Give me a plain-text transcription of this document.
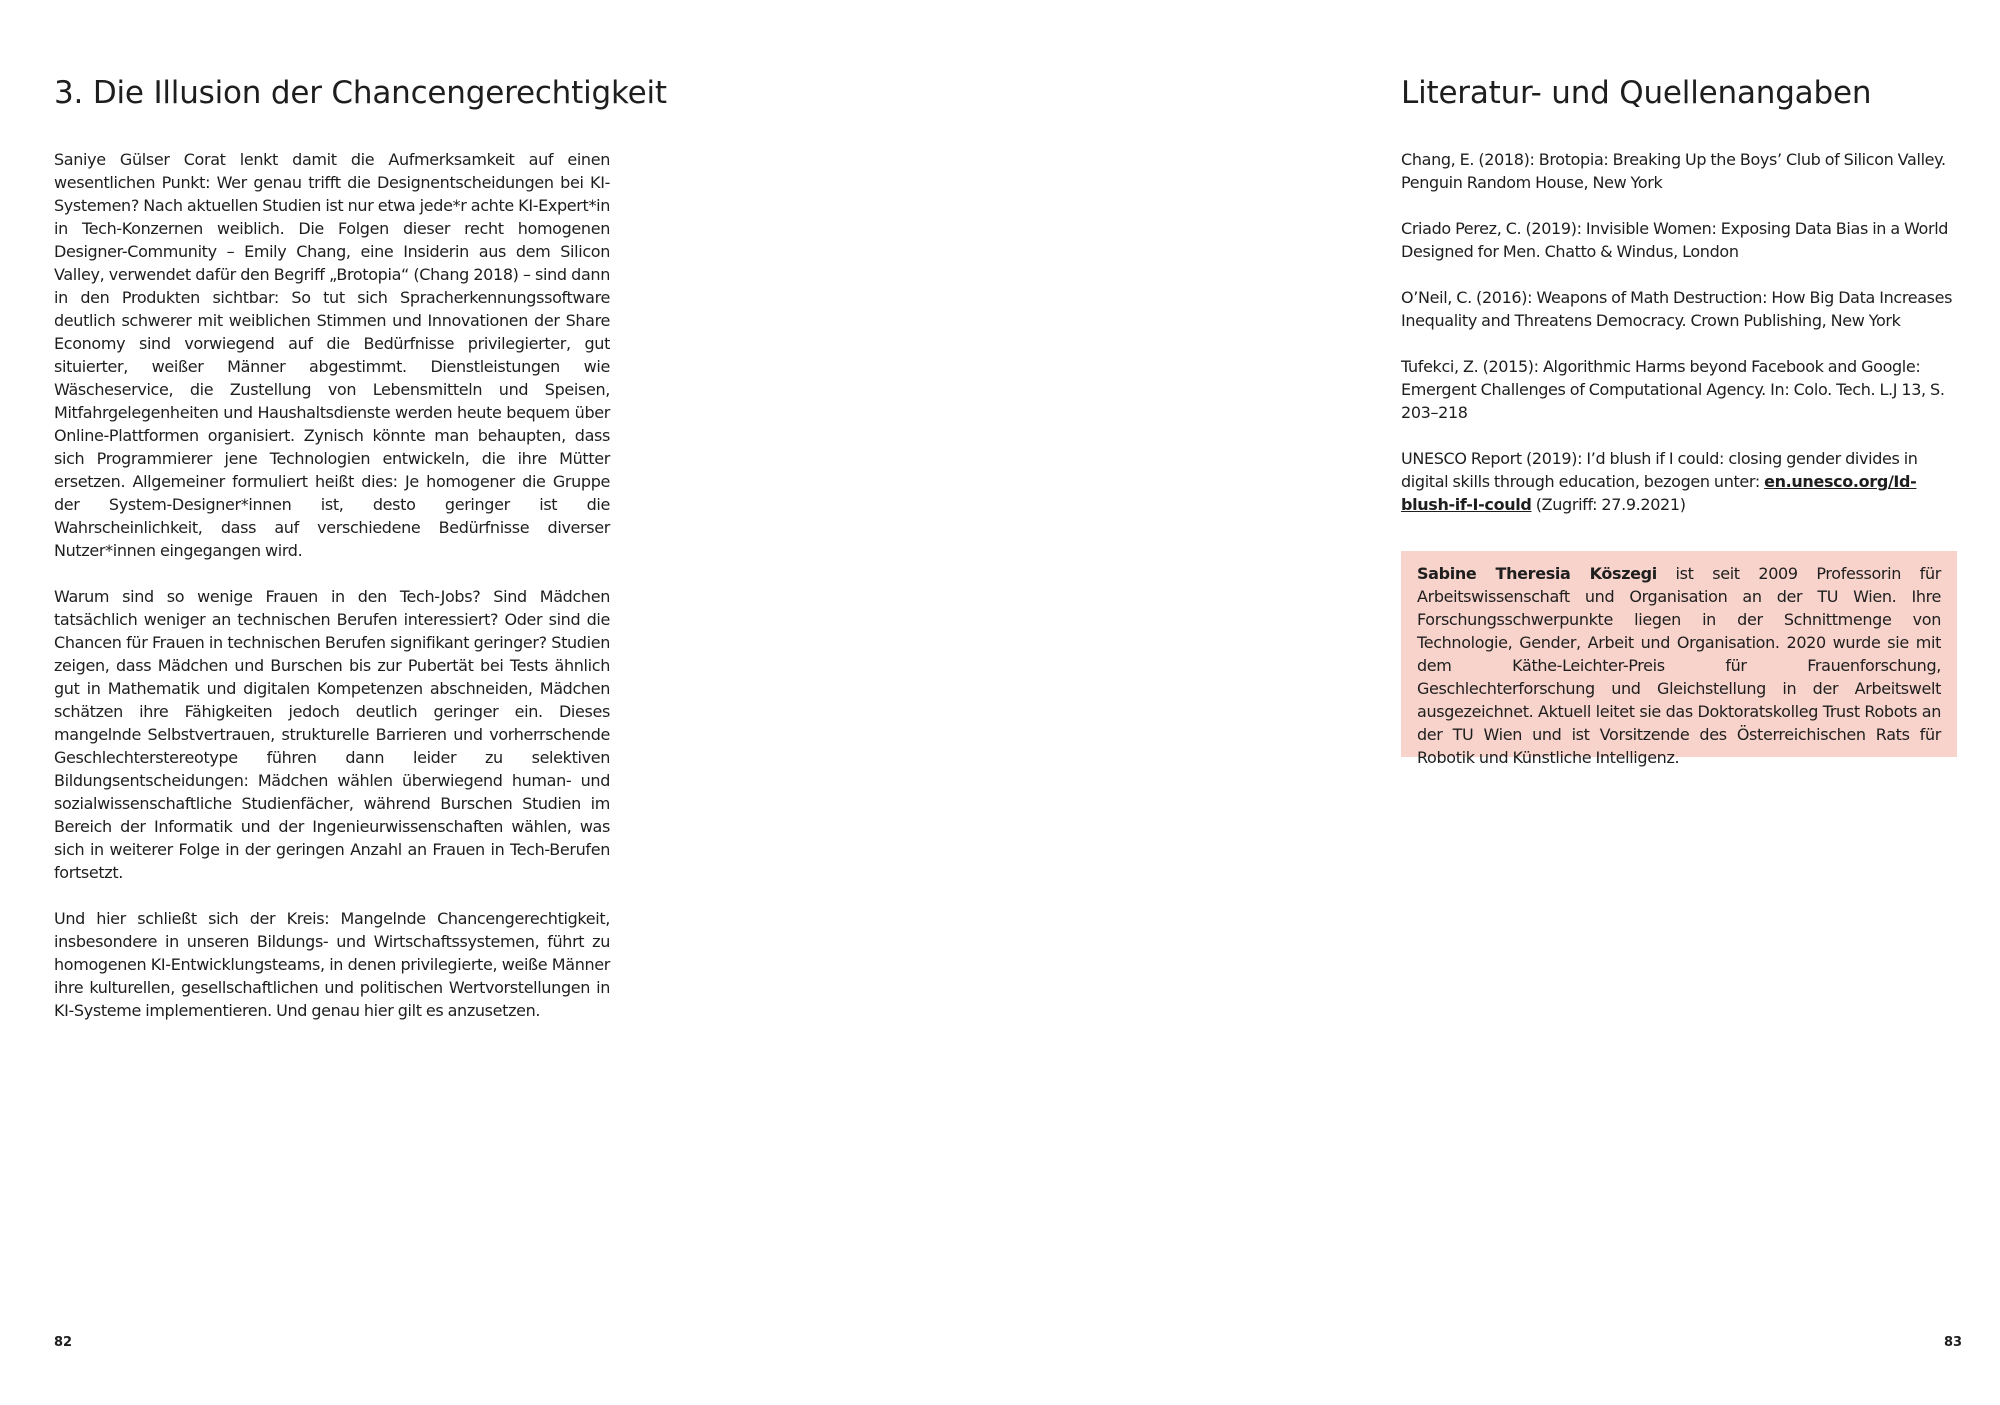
3. Die Illusion der Chancengerechtigkeit

Saniye Gülser Corat lenkt damit die Aufmerksamkeit auf einen wesentlichen Punkt: Wer genau trifft die Designentscheidungen bei KI-Systemen? Nach aktuellen Studien ist nur etwa jede*r achte KI-Expert*in in Tech-Konzernen weiblich. Die Folgen dieser recht homogenen Designer-Community – Emily Chang, eine Insiderin aus dem Silicon Valley, verwendet dafür den Begriff „Brotopia“ (Chang 2018) – sind dann in den Produkten sichtbar: So tut sich Spracherkennungssoftware deutlich schwerer mit weiblichen Stimmen und Innovationen der Share Economy sind vorwiegend auf die Bedürfnisse privilegierter, gut situierter, weißer Männer abgestimmt. Dienstleistungen wie Wäscheservice, die Zustellung von Lebensmitteln und Speisen, Mitfahrgelegenheiten und Haushaltsdienste werden heute bequem über Online-Plattformen organisiert. Zynisch könnte man behaupten, dass sich Programmierer jene Technologien entwickeln, die ihre Mütter ersetzen. Allgemeiner formuliert heißt dies: Je homogener die Gruppe der System-Designer*innen ist, desto geringer ist die Wahrscheinlichkeit, dass auf verschiedene Bedürfnisse diverser Nutzer*innen eingegangen wird.

Warum sind so wenige Frauen in den Tech-Jobs? Sind Mädchen tatsächlich weniger an technischen Berufen interessiert? Oder sind die Chancen für Frauen in technischen Berufen signifikant geringer? Studien zeigen, dass Mädchen und Burschen bis zur Pubertät bei Tests ähnlich gut in Mathematik und digitalen Kompetenzen abschneiden, Mädchen schätzen ihre Fähigkeiten jedoch deutlich geringer ein. Dieses mangelnde Selbstvertrauen, strukturelle Barrieren und vorherrschende Geschlechterstereotype führen dann leider zu selektiven Bildungsentscheidungen: Mädchen wählen überwiegend human- und sozialwissenschaftliche Studienfächer, während Burschen Studien im Bereich der Informatik und der Ingenieurwissenschaften wählen, was sich in weiterer Folge in der geringen Anzahl an Frauen in Tech-Berufen fortsetzt.

Und hier schließt sich der Kreis: Mangelnde Chancengerechtigkeit, insbesondere in unseren Bildungs- und Wirtschaftssystemen, führt zu homogenen KI-Entwicklungsteams, in denen privilegierte, weiße Männer ihre kulturellen, gesellschaftlichen und politischen Wertvorstellungen in KI-Systeme implementieren. Und genau hier gilt es anzusetzen.

82

Literatur- und Quellenangaben

Chang, E. (2018): Brotopia: Breaking Up the Boys’ Club of Silicon Valley. Penguin Random House, New York

Criado Perez, C. (2019): Invisible Women: Exposing Data Bias in a World Designed for Men. Chatto & Windus, London

O’Neil, C. (2016): Weapons of Math Destruction: How Big Data Increases Inequality and Threatens Democracy. Crown Publishing, New York

Tufekci, Z. (2015): Algorithmic Harms beyond Facebook and Google: Emergent Challenges of Computational Agency. In: Colo. Tech. L.J 13, S. 203–218

UNESCO Report (2019): I’d blush if I could: closing gender divides in digital skills through education, bezogen unter: en.unesco.org/Id-blush-if-I-could (Zugriff: 27.9.2021)

Sabine Theresia Köszegi ist seit 2009 Professorin für Arbeitswissenschaft und Organisation an der TU Wien. Ihre Forschungsschwerpunkte liegen in der Schnittmenge von Technologie, Gender, Arbeit und Organisation. 2020 wurde sie mit dem Käthe-Leichter-Preis für Frauenforschung, Geschlechterforschung und Gleichstellung in der Arbeitswelt ausgezeichnet. Aktuell leitet sie das Doktoratskolleg Trust Robots an der TU Wien und ist Vorsitzende des Österreichischen Rats für Robotik und Künstliche Intelligenz.

83
